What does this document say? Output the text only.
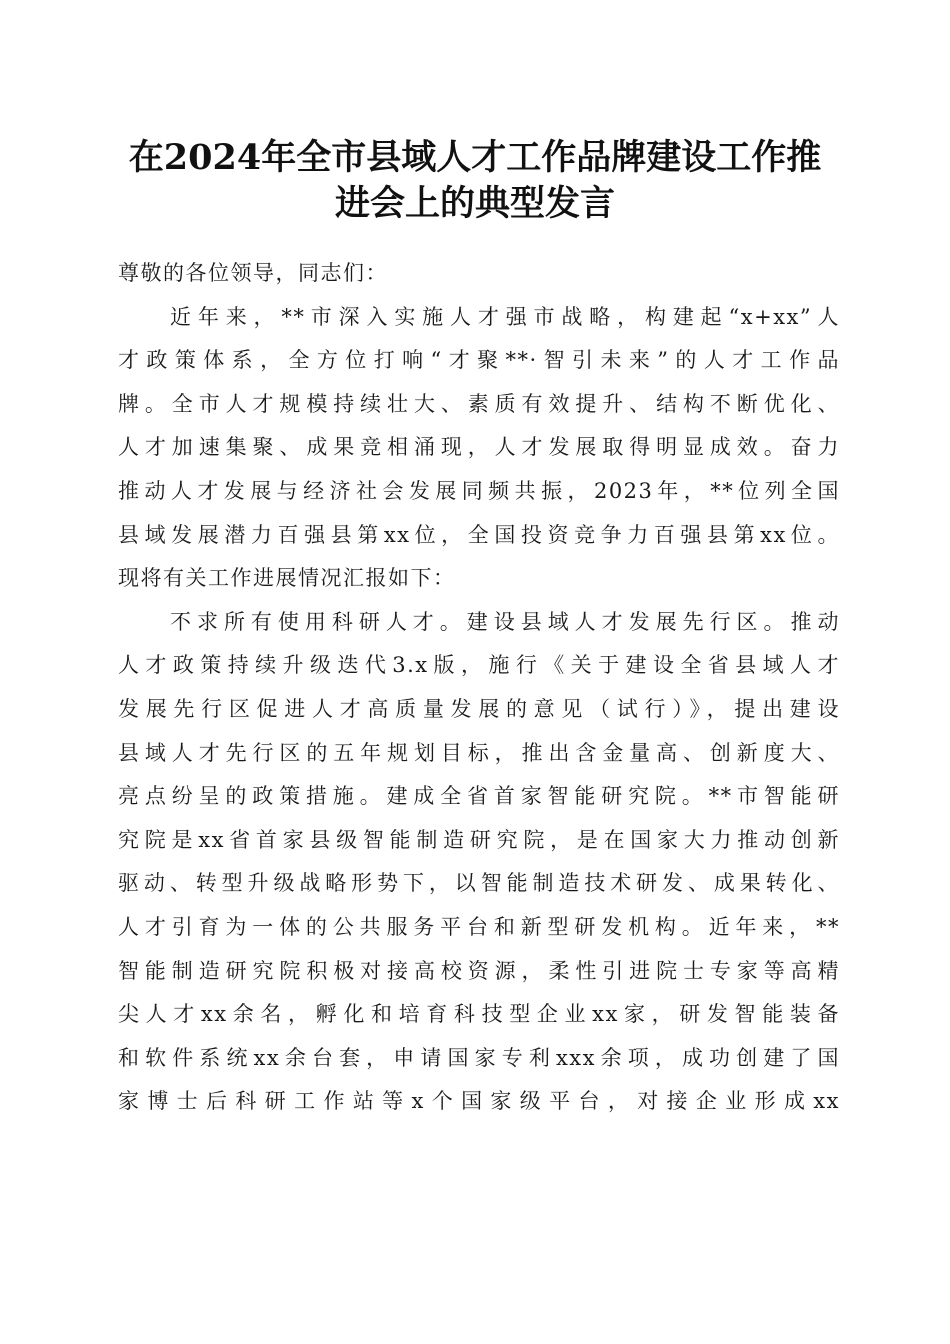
在2024年全市县域人才工作品牌建设工作推
进会上的典型发言
尊敬的各位领导，同志们：
近年来，**市深入实施人才强市战略，构建起“x+xx”人
才政策体系，全方位打响“才聚**·智引未来”的人才工作品
牌。全市人才规模持续壮大、素质有效提升、结构不断优化、
人才加速集聚、成果竞相涌现，人才发展取得明显成效。奋力
推动人才发展与经济社会发展同频共振，2023年，**位列全国
县域发展潜力百强县第xx位，全国投资竞争力百强县第xx位。
现将有关工作进展情况汇报如下：
不求所有使用科研人才。建设县域人才发展先行区。推动
人才政策持续升级迭代3.x版，施行《关于建设全省县域人才
发展先行区促进人才高质量发展的意见（试行）》，提出建设
县域人才先行区的五年规划目标，推出含金量高、创新度大、
亮点纷呈的政策措施。建成全省首家智能研究院。**市智能研
究院是xx省首家县级智能制造研究院，是在国家大力推动创新
驱动、转型升级战略形势下，以智能制造技术研发、成果转化、
人才引育为一体的公共服务平台和新型研发机构。近年来，**
智能制造研究院积极对接高校资源，柔性引进院士专家等高精
尖人才xx余名，孵化和培育科技型企业xx家，研发智能装备
和软件系统xx余台套，申请国家专利xxx余项，成功创建了国
家博士后科研工作站等x个国家级平台，对接企业形成xx
